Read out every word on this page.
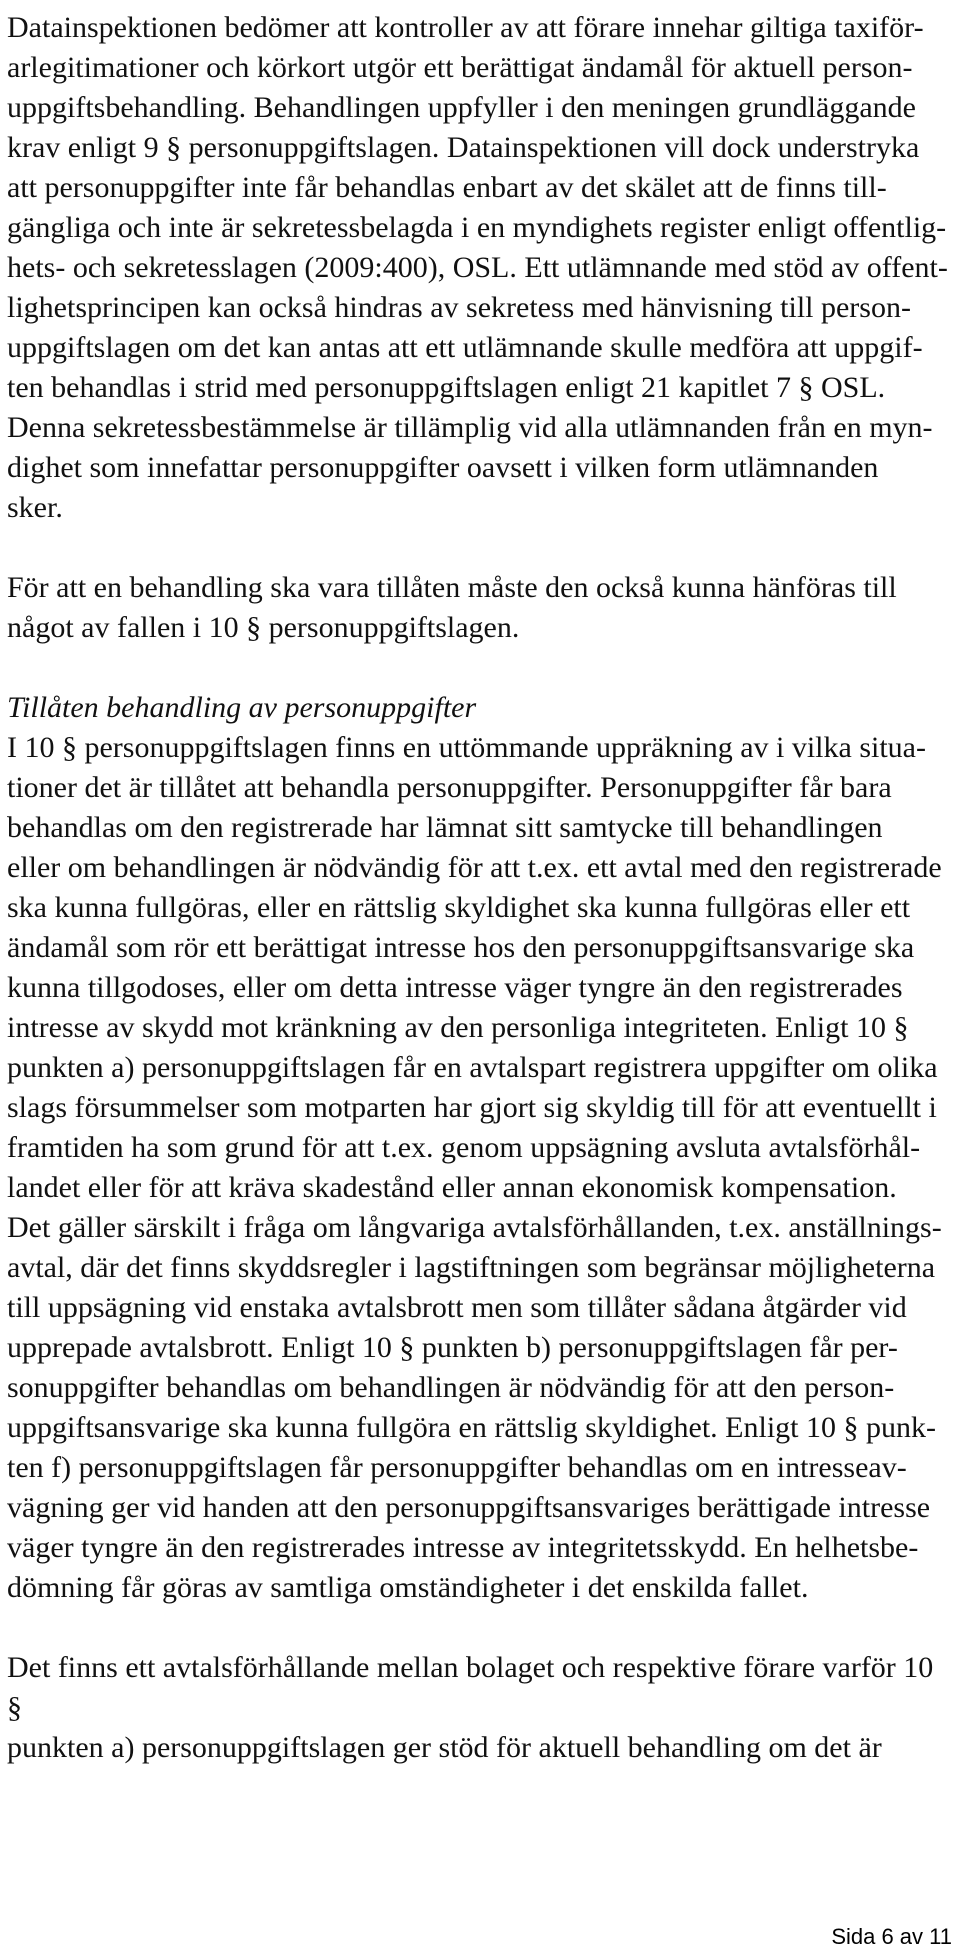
Datainspektionen bedömer att kontroller av att förare innehar giltiga taxiför-
arlegitimationer och körkort utgör ett berättigat ändamål för aktuell person-
uppgiftsbehandling. Behandlingen uppfyller i den meningen grundläggande
krav enligt 9 § personuppgiftslagen. Datainspektionen vill dock understryka
att personuppgifter inte får behandlas enbart av det skälet att de finns till-
gängliga och inte är sekretessbelagda i en myndighets register enligt offentlig-
hets- och sekretesslagen (2009:400), OSL. Ett utlämnande med stöd av offent-
lighetsprincipen kan också hindras av sekretess med hänvisning till person-
uppgiftslagen om det kan antas att ett utlämnande skulle medföra att uppgif-
ten behandlas i strid med personuppgiftslagen enligt 21 kapitlet 7 § OSL.
Denna sekretessbestämmelse är tillämplig vid alla utlämnanden från en myn-
dighet som innefattar personuppgifter oavsett i vilken form utlämnanden
sker.

För att en behandling ska vara tillåten måste den också kunna hänföras till
något av fallen i 10 § personuppgiftslagen.

Tillåten behandling av personuppgifter

I 10 § personuppgiftslagen finns en uttömmande uppräkning av i vilka situa-
tioner det är tillåtet att behandla personuppgifter. Personuppgifter får bara
behandlas om den registrerade har lämnat sitt samtycke till behandlingen
eller om behandlingen är nödvändig för att t.ex. ett avtal med den registrerade
ska kunna fullgöras, eller en rättslig skyldighet ska kunna fullgöras eller ett
ändamål som rör ett berättigat intresse hos den personuppgiftsansvarige ska
kunna tillgodoses, eller om detta intresse väger tyngre än den registrerades
intresse av skydd mot kränkning av den personliga integriteten. Enligt 10 §
punkten a) personuppgiftslagen får en avtalspart registrera uppgifter om olika
slags försummelser som motparten har gjort sig skyldig till för att eventuellt i
framtiden ha som grund för att t.ex. genom uppsägning avsluta avtalsförhål-
landet eller för att kräva skadestånd eller annan ekonomisk kompensation.
Det gäller särskilt i fråga om långvariga avtalsförhållanden, t.ex. anställnings-
avtal, där det finns skyddsregler i lagstiftningen som begränsar möjligheterna
till uppsägning vid enstaka avtalsbrott men som tillåter sådana åtgärder vid
upprepade avtalsbrott. Enligt 10 § punkten b) personuppgiftslagen får per-
sonuppgifter behandlas om behandlingen är nödvändig för att den person-
uppgiftsansvarige ska kunna fullgöra en rättslig skyldighet. Enligt 10 § punk-
ten f) personuppgiftslagen får personuppgifter behandlas om en intresseav-
vägning ger vid handen att den personuppgiftsansvariges berättigade intresse
väger tyngre än den registrerades intresse av integritetsskydd. En helhetsbe-
dömning får göras av samtliga omständigheter i det enskilda fallet.

Det finns ett avtalsförhållande mellan bolaget och respektive förare varför 10 §
punkten a) personuppgiftslagen ger stöd för aktuell behandling om det är

Sida 6 av 11
